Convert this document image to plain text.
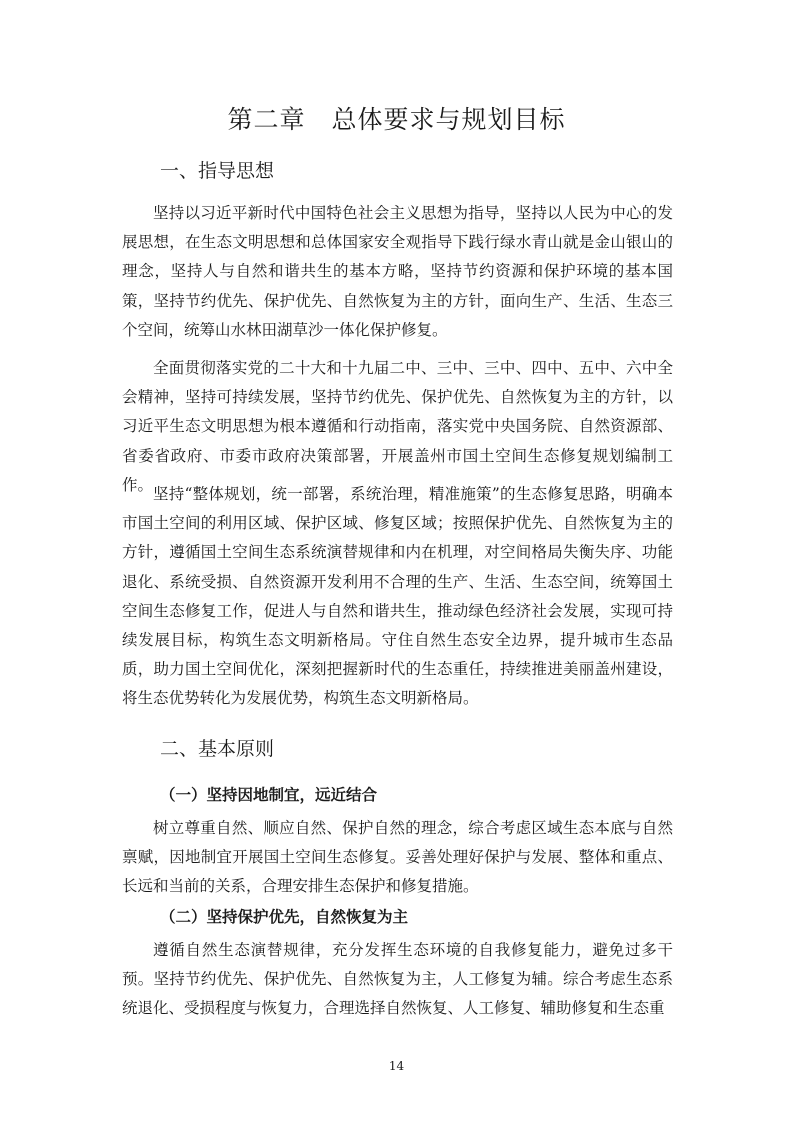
第二章　总体要求与规划目标
一、指导思想

坚持以习近平新时代中国特色社会主义思想为指导，坚持以人民为中心的发展思想，在生态文明思想和总体国家安全观指导下践行绿水青山就是金山银山的理念，坚持人与自然和谐共生的基本方略，坚持节约资源和保护环境的基本国策，坚持节约优先、保护优先、自然恢复为主的方针，面向生产、生活、生态三个空间，统筹山水林田湖草沙一体化保护修复。

全面贯彻落实党的二十大和十九届二中、三中、三中、四中、五中、六中全会精神，坚持可持续发展，坚持节约优先、保护优先、自然恢复为主的方针，以习近平生态文明思想为根本遵循和行动指南，落实党中央国务院、自然资源部、省委省政府、市委市政府决策部署，开展盖州市国土空间生态修复规划编制工作。

坚持“整体规划，统一部署，系统治理，精准施策”的生态修复思路，明确本市国土空间的利用区域、保护区域、修复区域；按照保护优先、自然恢复为主的方针，遵循国土空间生态系统演替规律和内在机理，对空间格局失衡失序、功能退化、系统受损、自然资源开发利用不合理的生产、生活、生态空间，统筹国土空间生态修复工作，促进人与自然和谐共生，推动绿色经济社会发展，实现可持续发展目标，构筑生态文明新格局。守住自然生态安全边界，提升城市生态品质，助力国土空间优化，深刻把握新时代的生态重任，持续推进美丽盖州建设，将生态优势转化为发展优势，构筑生态文明新格局。

二、基本原则
（一）坚持因地制宜，远近结合

树立尊重自然、顺应自然、保护自然的理念，综合考虑区域生态本底与自然禀赋，因地制宜开展国土空间生态修复。妥善处理好保护与发展、整体和重点、长远和当前的关系，合理安排生态保护和修复措施。

（二）坚持保护优先，自然恢复为主

遵循自然生态演替规律，充分发挥生态环境的自我修复能力，避免过多干预。坚持节约优先、保护优先、自然恢复为主，人工修复为辅。综合考虑生态系统退化、受损程度与恢复力，合理选择自然恢复、人工修复、辅助修复和生态重

14
